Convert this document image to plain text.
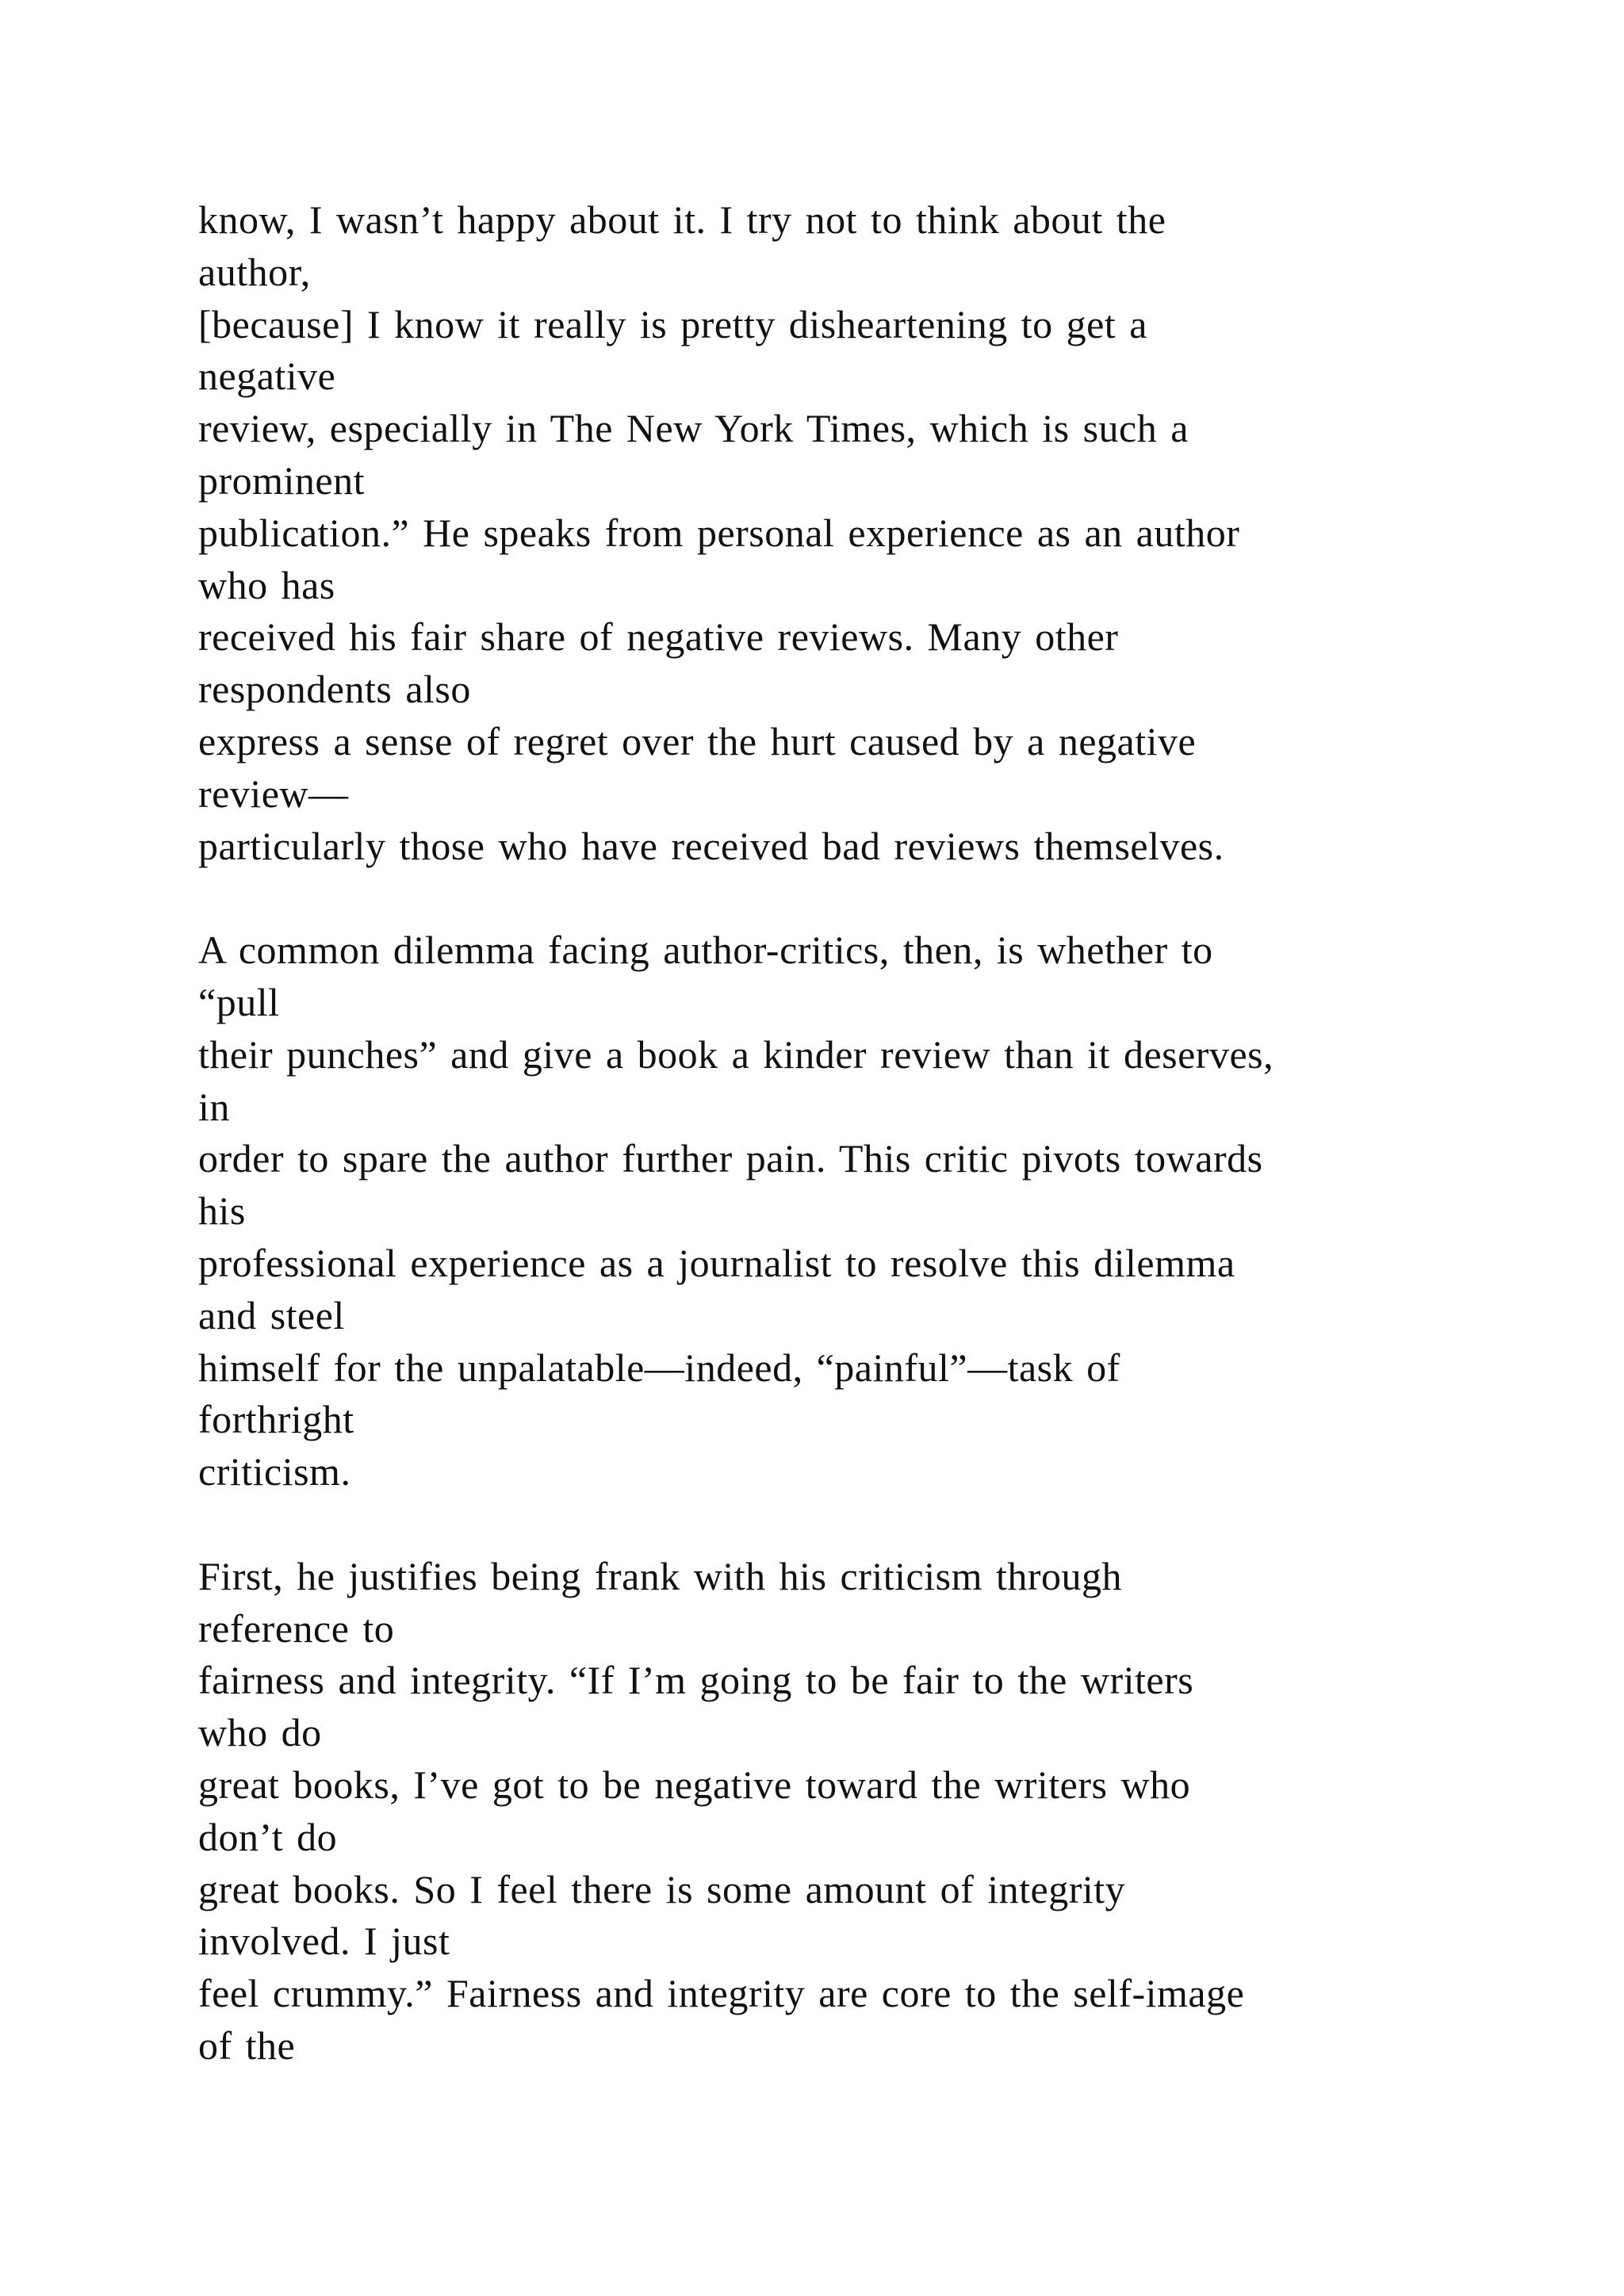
know, I wasn’t happy about it. I try not to think about the
author,
[because] I know it really is pretty disheartening to get a
negative
review, especially in The New York Times, which is such a
prominent
publication.” He speaks from personal experience as an author
who has
received his fair share of negative reviews. Many other
respondents also
express a sense of regret over the hurt caused by a negative
review—
particularly those who have received bad reviews themselves.
A common dilemma facing author-critics, then, is whether to
“pull
their punches” and give a book a kinder review than it deserves,
in
order to spare the author further pain. This critic pivots towards
his
professional experience as a journalist to resolve this dilemma
and steel
himself for the unpalatable—indeed, “painful”—task of
forthright
criticism.
First, he justifies being frank with his criticism through
reference to
fairness and integrity. “If I’m going to be fair to the writers
who do
great books, I’ve got to be negative toward the writers who
don’t do
great books. So I feel there is some amount of integrity
involved. I just
feel crummy.” Fairness and integrity are core to the self-image
of the
